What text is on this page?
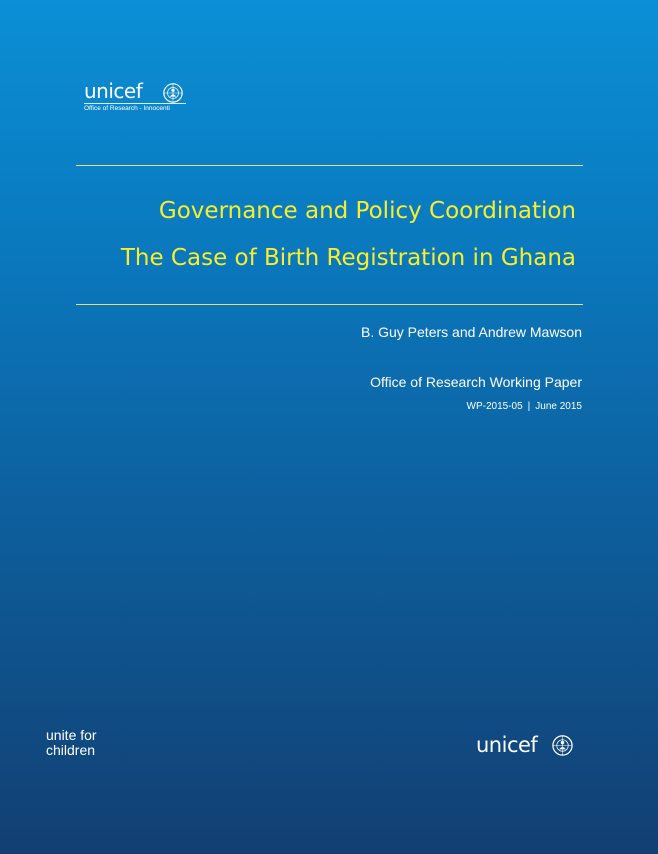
unicef
Office of Research - Innocenti
Governance and Policy Coordination
The Case of Birth Registration in Ghana
B. Guy Peters and Andrew Mawson
Office of Research Working Paper
WP-2015-05 | June 2015
unite for
children	unicef
